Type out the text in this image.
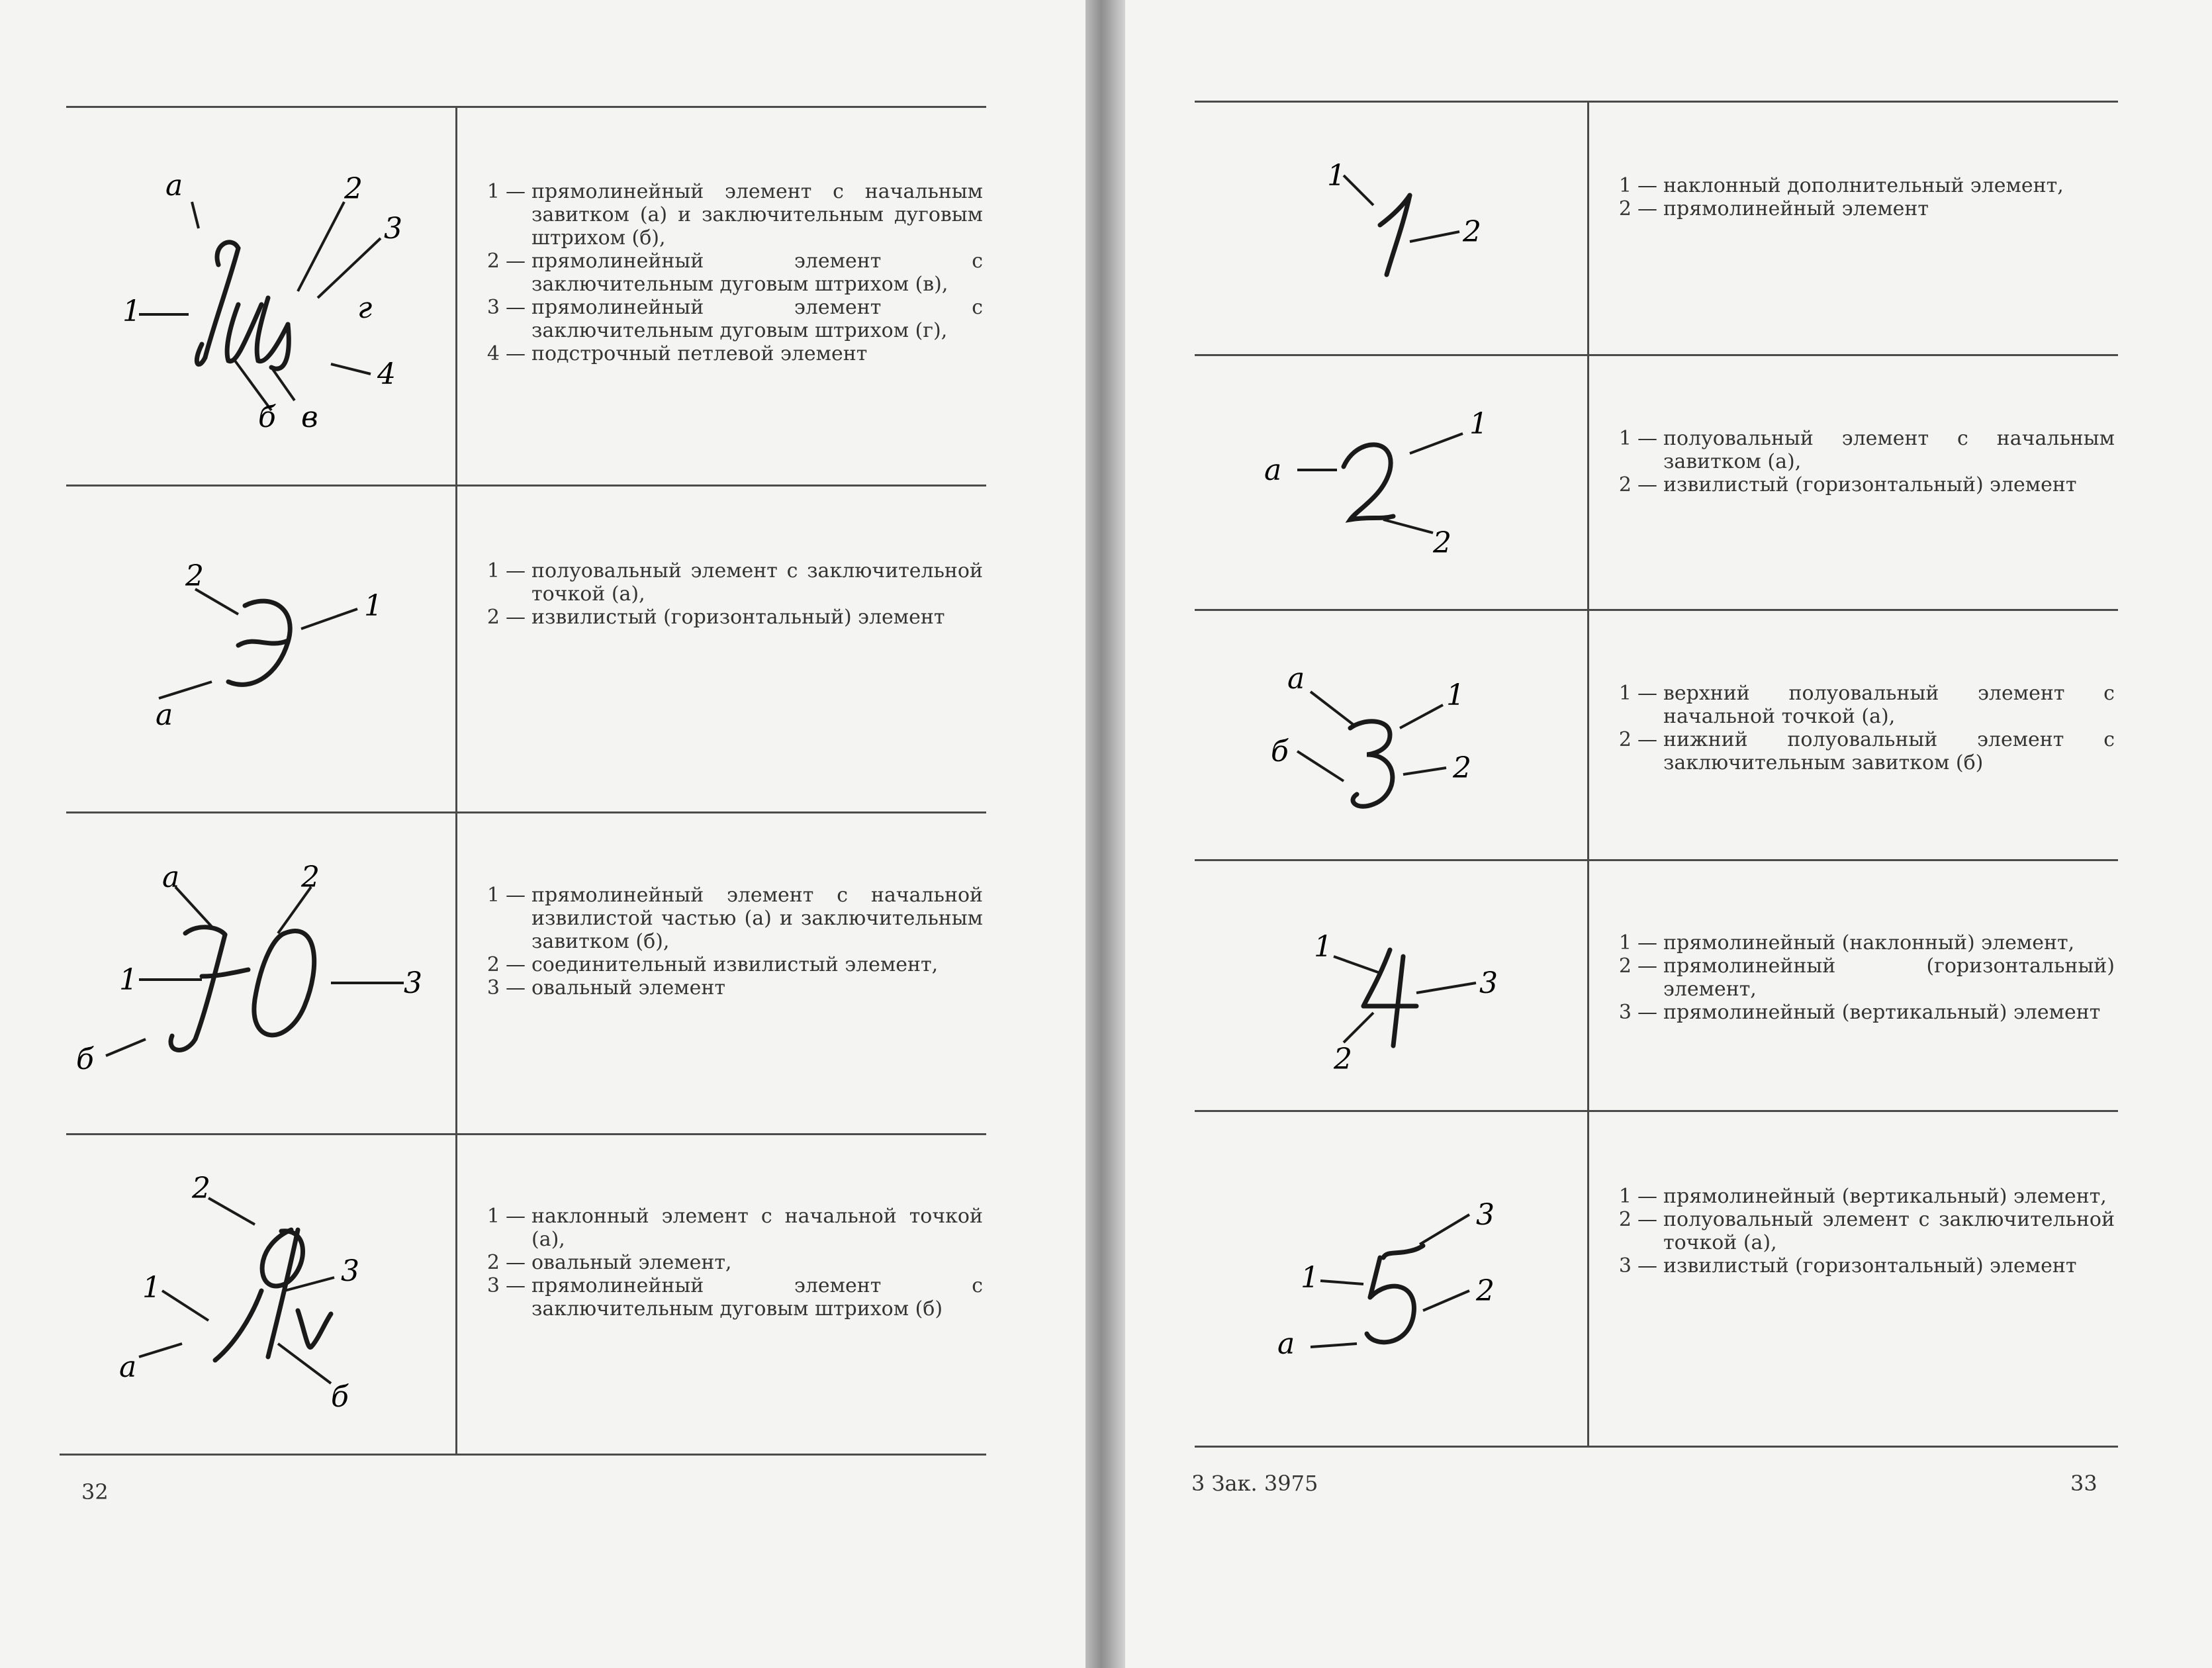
а
1
2
3
г
4
б в
1 — прямолинейный элемент с начальным завитком (а) и заключительным дуговым штрихом (б),
2 — прямолинейный элемент с заключительным дуговым штрихом (в),
3 — прямолинейный элемент с заключительным дуговым штрихом (г),
4 — подстрочный петлевой элемент
2
1
а
1 — полуовальный элемент с заключительной точкой (а),
2 — извилистый (горизонтальный) элемент
а	2
1	3
б
1 — прямолинейный элемент с начальной извилистой частью (а) и заключительным завитком (б),
2 — соединительный извилистый элемент,
3 — овальный элемент
2
1	3
а
б
1 — наклонный элемент с начальной точкой (а),
2 — овальный элемент,
3 — прямолинейный элемент с заключительным дуговым штрихом (б)
32
1
2
1 — наклонный дополнительный элемент,
2 — прямолинейный элемент
1
а
2
1 — полуовальный элемент с начальным завитком (а),
2 — извилистый (горизонтальный) элемент
а	1
б	2
1 — верхний полуовальный элемент с начальной точкой (а),
2 — нижний полуовальный элемент с заключительным завитком (б)
1
3
2
1 — прямолинейный (наклонный) элемент,
2 — прямолинейный (горизонтальный) элемент,
3 — прямолинейный (вертикальный) элемент
3
1	2
а
1 — прямолинейный (вертикальный) элемент,
2 — полуовальный элемент с заключительной точкой (а),
3 — извилистый (горизонтальный) элемент
3 Зак. 3975	33
